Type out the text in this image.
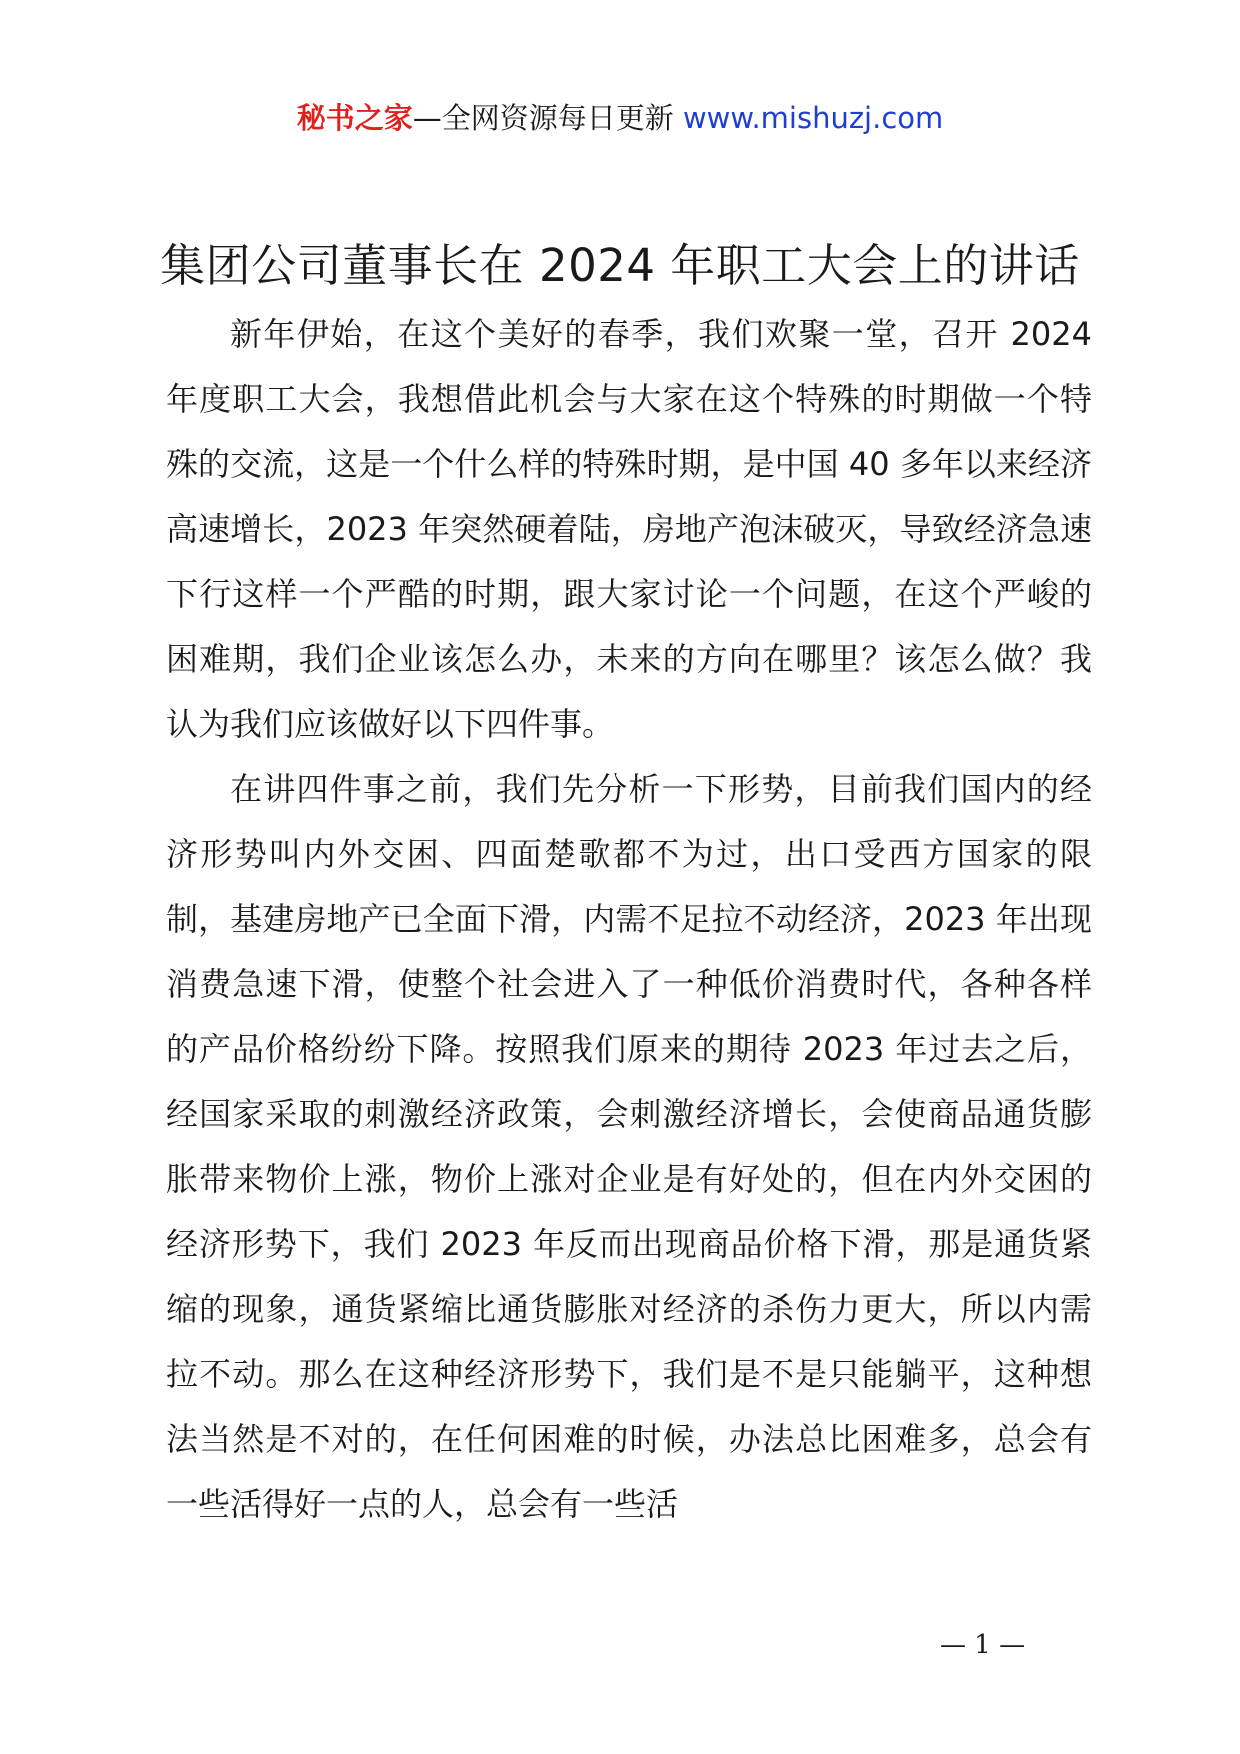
秘书之家—全网资源每日更新 www.mishuzj.com
集团公司董事长在 2024 年职工大会上的讲话

新年伊始，在这个美好的春季，我们欢聚一堂，召开 2024 年度职工大会，我想借此机会与大家在这个特殊的时期做一个特殊的交流，这是一个什么样的特殊时期，是中国 40 多年以来经济高速增长，2023 年突然硬着陆，房地产泡沫破灭，导致经济急速下行这样一个严酷的时期，跟大家讨论一个问题，在这个严峻的困难期，我们企业该怎么办，未来的方向在哪里？该怎么做？我认为我们应该做好以下四件事。

在讲四件事之前，我们先分析一下形势，目前我们国内的经济形势叫内外交困、四面楚歌都不为过，出口受西方国家的限制，基建房地产已全面下滑，内需不足拉不动经济，2023 年出现消费急速下滑，使整个社会进入了一种低价消费时代，各种各样的产品价格纷纷下降。按照我们原来的期待 2023 年过去之后，经国家采取的刺激经济政策，会刺激经济增长，会使商品通货膨胀带来物价上涨，物价上涨对企业是有好处的，但在内外交困的经济形势下，我们 2023 年反而出现商品价格下滑，那是通货紧缩的现象，通货紧缩比通货膨胀对经济的杀伤力更大，所以内需拉不动。那么在这种经济形势下，我们是不是只能躺平，这种想法当然是不对的，在任何困难的时候，办法总比困难多，总会有一些活得好一点的人，总会有一些活

— 1 —
